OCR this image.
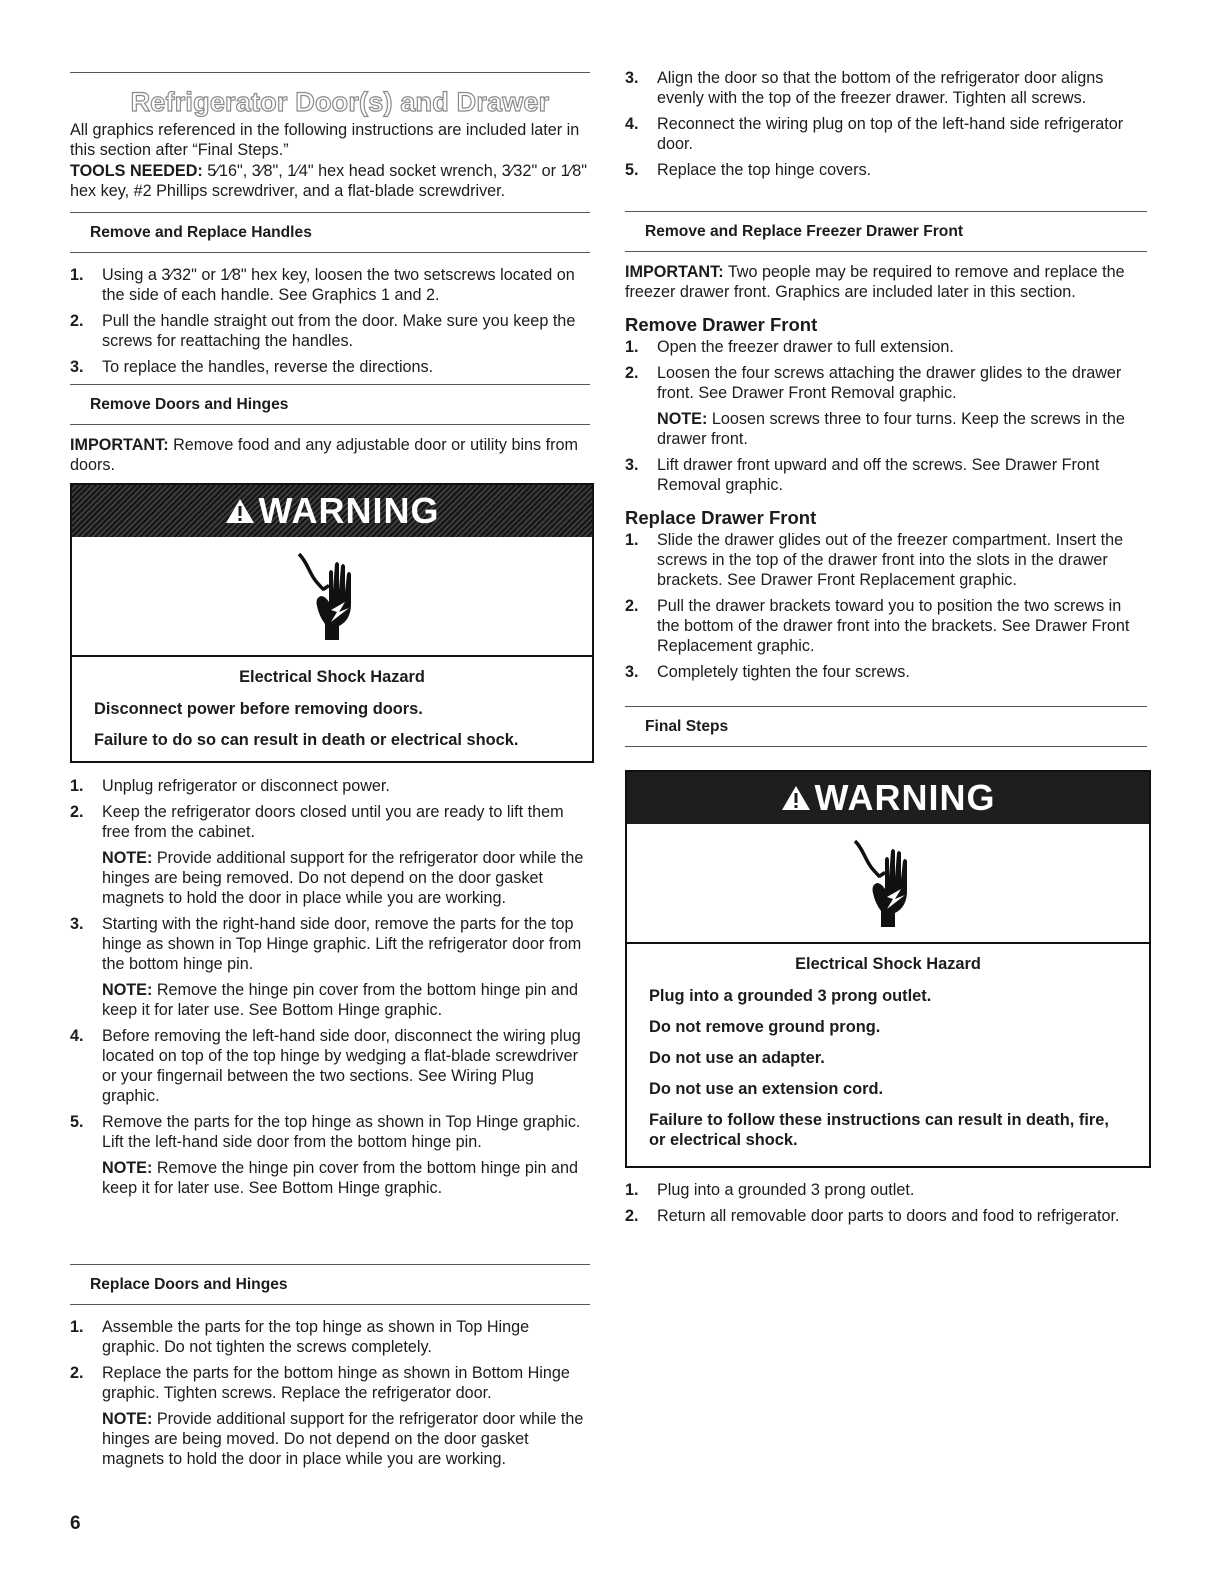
Refrigerator Door(s) and Drawer

All graphics referenced in the following instructions are included later in this section after “Final Steps.”

TOOLS NEEDED: 5⁄16", 3⁄8", 1⁄4" hex head socket wrench, 3⁄32" or 1⁄8" hex key, #2 Phillips screwdriver, and a flat-blade screwdriver.

Remove and Replace Handles
1. Using a 3⁄32" or 1⁄8" hex key, loosen the two setscrews located on the side of each handle. See Graphics 1 and 2.
2. Pull the handle straight out from the door. Make sure you keep the screws for reattaching the handles.
3. To replace the handles, reverse the directions.
Remove Doors and Hinges

IMPORTANT: Remove food and any adjustable door or utility bins from doors.

WARNING
Electrical Shock Hazard

Disconnect power before removing doors.

Failure to do so can result in death or electrical shock.

1. Unplug refrigerator or disconnect power.
2. Keep the refrigerator doors closed until you are ready to lift them free from the cabinet.

NOTE: Provide additional support for the refrigerator door while the hinges are being removed. Do not depend on the door gasket magnets to hold the door in place while you are working.

3. Starting with the right-hand side door, remove the parts for the top hinge as shown in Top Hinge graphic. Lift the refrigerator door from the bottom hinge pin.

NOTE: Remove the hinge pin cover from the bottom hinge pin and keep it for later use. See Bottom Hinge graphic.

4. Before removing the left-hand side door, disconnect the wiring plug located on top of the top hinge by wedging a flat-blade screwdriver or your fingernail between the two sections. See Wiring Plug graphic.
5. Remove the parts for the top hinge as shown in Top Hinge graphic. Lift the left-hand side door from the bottom hinge pin.

NOTE: Remove the hinge pin cover from the bottom hinge pin and keep it for later use. See Bottom Hinge graphic.

Replace Doors and Hinges
1. Assemble the parts for the top hinge as shown in Top Hinge graphic. Do not tighten the screws completely.
2. Replace the parts for the bottom hinge as shown in Bottom Hinge graphic. Tighten screws. Replace the refrigerator door.

NOTE: Provide additional support for the refrigerator door while the hinges are being moved. Do not depend on the door gasket magnets to hold the door in place while you are working.

3. Align the door so that the bottom of the refrigerator door aligns evenly with the top of the freezer drawer. Tighten all screws.
4. Reconnect the wiring plug on top of the left-hand side refrigerator door.
5. Replace the top hinge covers.
Remove and Replace Freezer Drawer Front

IMPORTANT: Two people may be required to remove and replace the freezer drawer front. Graphics are included later in this section.

Remove Drawer Front

1. Open the freezer drawer to full extension.
2. Loosen the four screws attaching the drawer glides to the drawer front. See Drawer Front Removal graphic.

NOTE: Loosen screws three to four turns. Keep the screws in the drawer front.

3. Lift drawer front upward and off the screws. See Drawer Front Removal graphic.

Replace Drawer Front

1. Slide the drawer glides out of the freezer compartment. Insert the screws in the top of the drawer front into the slots in the drawer brackets. See Drawer Front Replacement graphic.
2. Pull the drawer brackets toward you to position the two screws in the bottom of the drawer front into the brackets. See Drawer Front Replacement graphic.
3. Completely tighten the four screws.
Final Steps
WARNING
Electrical Shock Hazard

Plug into a grounded 3 prong outlet.

Do not remove ground prong.

Do not use an adapter.

Do not use an extension cord.

Failure to follow these instructions can result in death, fire, or electrical shock.

1. Plug into a grounded 3 prong outlet.
2. Return all removable door parts to doors and food to refrigerator.
6
